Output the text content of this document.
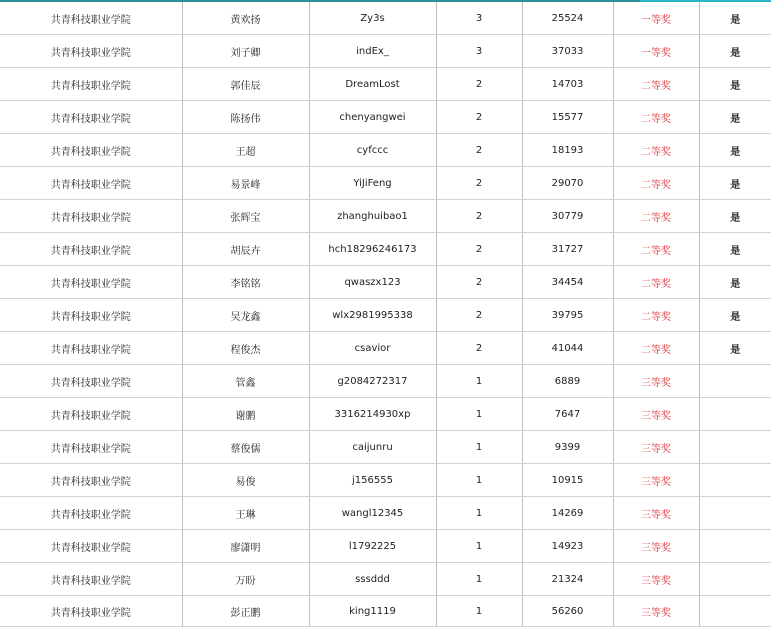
共青科技职业学院	黄欢扬	Zy3s	3	25524	一等奖	是
共青科技职业学院	刘子卿	indEx_	3	37033	一等奖	是
共青科技职业学院	郭佳辰	DreamLost	2	14703	二等奖	是
共青科技职业学院	陈扬伟	chenyangwei	2	15577	二等奖	是
共青科技职业学院	王超	cyfccc	2	18193	二等奖	是
共青科技职业学院	易景峰	YiJiFeng	2	29070	二等奖	是
共青科技职业学院	张辉宝	zhanghuibao1	2	30779	二等奖	是
共青科技职业学院	胡辰卉	hch18296246173	2	31727	二等奖	是
共青科技职业学院	李铭铭	qwaszx123	2	34454	二等奖	是
共青科技职业学院	吴龙鑫	wlx2981995338	2	39795	二等奖	是
共青科技职业学院	程俊杰	csavior	2	41044	二等奖	是
共青科技职业学院	管鑫	g2084272317	1	6889	三等奖	
共青科技职业学院	谢鹏	3316214930xp	1	7647	三等奖	
共青科技职业学院	蔡俊儒	caijunru	1	9399	三等奖	
共青科技职业学院	易俊	j156555	1	10915	三等奖	
共青科技职业学院	王琳	wangl12345	1	14269	三等奖	
共青科技职业学院	廖潇明	l1792225	1	14923	三等奖	
共青科技职业学院	万盼	sssddd	1	21324	三等奖	
共青科技职业学院	彭正鹏	king1119	1	56260	三等奖	
